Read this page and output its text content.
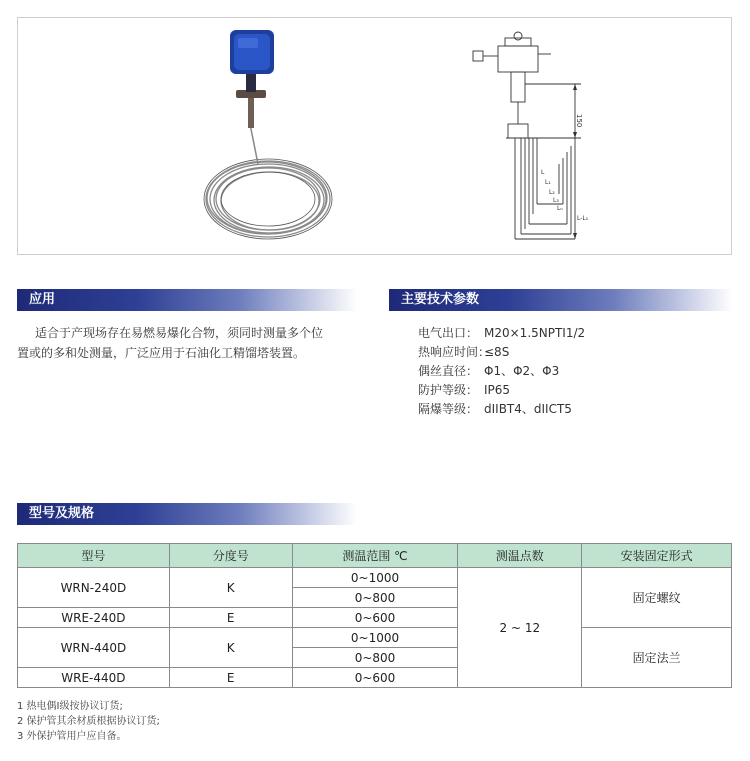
150
L
L₁
L₂
L₃
Lₙ
L-L₁
应用
适合于产现场存在易燃易爆化合物，须同时测量多个位
置或的多和处测量，广泛应用于石油化工精馏塔装置。
主要技术参数
电气出口： M20×1.5NPTI1/2
热响应时间：≤8S
偶丝直径： Φ1、Φ2、Φ3
防护等级： IP65
隔爆等级： dIIBT4、dIICT5
型号及规格
型号	分度号	测温范围 ℃	测温点数	安装固定形式
WRN-240D	K	0~1000	2 ~ 12	固定螺纹
		0~800		
WRE-240D	E	0~600		
WRN-440D	K	0~1000		固定法兰
		0~800		
WRE-440D	E	0~600		
1 热电偶I级按协议订货;
2 保护管其余材质根据协议订货;
3 外保护管用户应自备。
